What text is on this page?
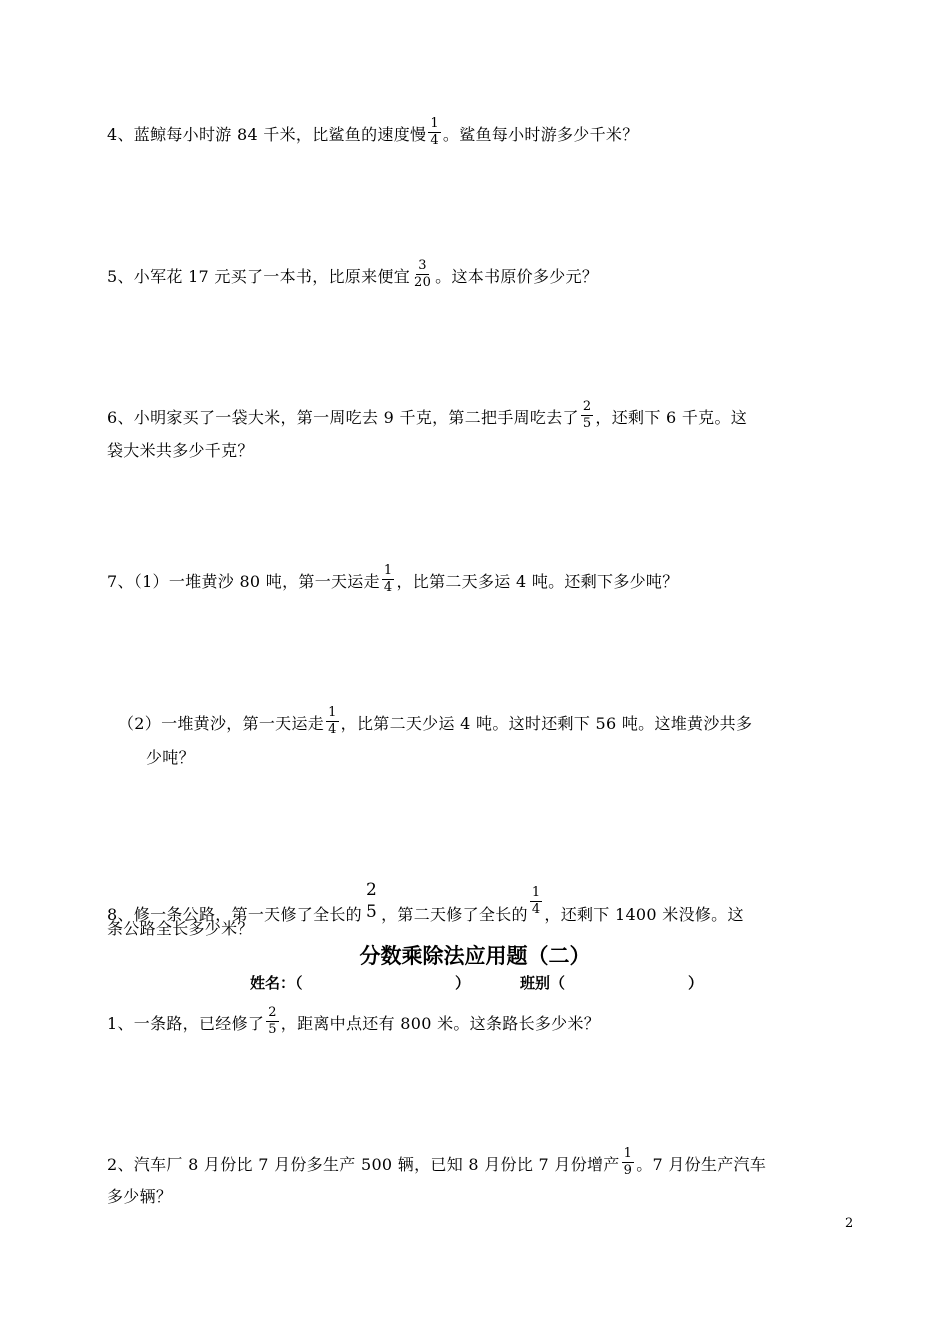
4、蓝鲸每小时游 84 千米，比鲨鱼的速度慢 $\frac{1}{4}$ 。鲨鱼每小时游多少千米？
5、小军花 17 元买了一本书，比原来便宜 $\frac{3}{20}$ 。这本书原价多少元？
6、小明家买了一袋大米，第一周吃去 9 千克，第二把手周吃去了 $\frac{2}{5}$ ，还剩下 6 千克。这
袋大米共多少千克？
7、（1）一堆黄沙 80 吨，第一天运走 $\frac{1}{4}$ ，比第二天多运 4 吨。还剩下多少吨？
（2）一堆黄沙，第一天运走 $\frac{1}{4}$ ，比第二天少运 4 吨。这时还剩下 56 吨。这堆黄沙共多
少吨？
8、修一条公路，第一天修了全长的
2
5 ，第二天修了全长的 $\frac{1}{4}$ ，还剩下 1400 米没修。这
条公路全长多少米？
分数乘除法应用题（二）
姓名：（	）	班别（	）
1、一条路，已经修了 $\frac{2}{5}$ ，距离中点还有 800 米。这条路长多少米？
2、汽车厂 8 月份比 7 月份多生产 500 辆，已知 8 月份比 7 月份增产 $\frac{1}{9}$ 。7 月份生产汽车
多少辆？
2
